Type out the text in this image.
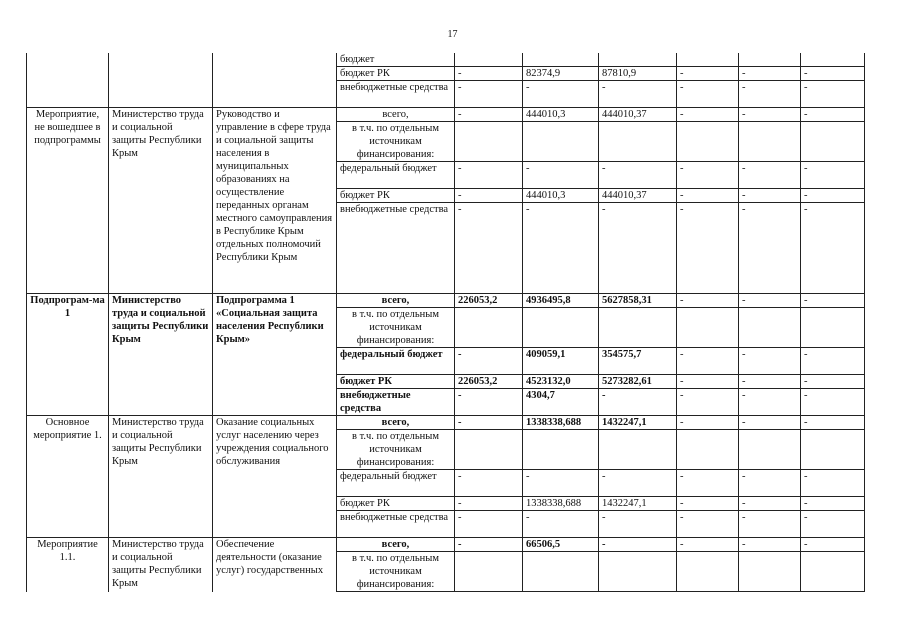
17
			бюджет						
			бюджет РК	-	82374,9	87810,9	-	-	-
			внебюджетные средства	-	-	-	-	-	-
Мероприятие, не вошедшее в подпрограммы	Министерство труда и социальной защиты Республики Крым	Руководство и управление в сфере труда и социальной защиты населения в муниципальных образованиях на осуществление переданных органам местного самоуправления в Республике Крым отдельных полномочий Республики Крым	всего,	-	444010,3	444010,37	-	-	-
			в т.ч. по отдельным источникам финансирования:						
			федеральный бюджет	-	-	-	-	-	-
			бюджет РК	-	444010,3	444010,37	-	-	-
			внебюджетные средства	-	-	-	-	-	-
Подпрограм-ма 1	Министерство труда и социальной защиты Республики Крым	Подпрограмма 1 «Социальная защита населения Республики Крым»	всего,	226053,2	4936495,8	5627858,31	-	-	-
			в т.ч. по отдельным источникам финансирования:						
			федеральный бюджет	-	409059,1	354575,7	-	-	-
			бюджет РК	226053,2	4523132,0	5273282,61	-	-	-
			внебюджетные средства	-	4304,7	-	-	-	-
Основное мероприятие 1.	Министерство труда и социальной защиты Республики Крым	Оказание социальных услуг населению через учреждения социального обслуживания	всего,	-	1338338,688	1432247,1	-	-	-
			в т.ч. по отдельным источникам финансирования:						
			федеральный бюджет	-	-	-	-	-	-
			бюджет РК	-	1338338,688	1432247,1	-	-	-
			внебюджетные средства	-	-	-	-	-	-
Мероприятие 1.1.	Министерство труда и социальной защиты Республики Крым	Обеспечение деятельности (оказание услуг) государственных	всего,	-	66506,5	-	-	-	-
			в т.ч. по отдельным источникам финансирования:						
